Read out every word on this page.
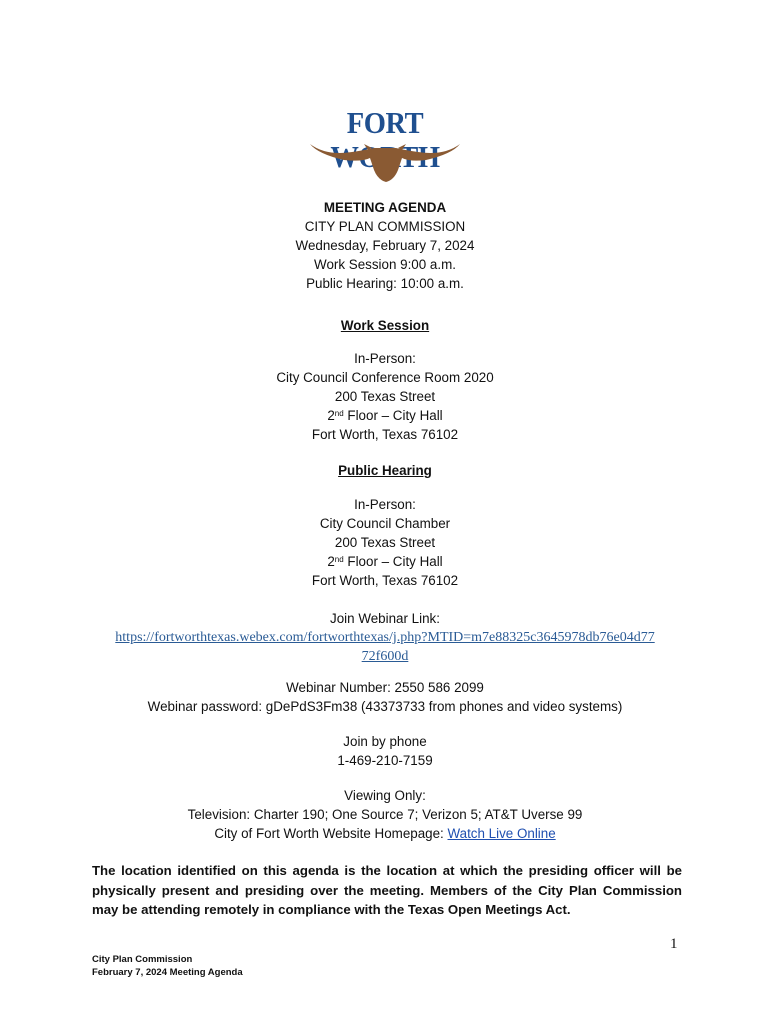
FORT
MEETING AGENDA
CITY PLAN COMMISSION
Wednesday, February 7, 2024
Work Session 9:00 a.m.
Public Hearing: 10:00 a.m.
Work Session
In-Person:
City Council Conference Room 2020
200 Texas Street
2nd Floor – City Hall
Fort Worth, Texas 76102
Public Hearing
In-Person:
City Council Chamber
200 Texas Street
2nd Floor – City Hall
Fort Worth, Texas 76102
Join Webinar Link:
https://fortworthtexas.webex.com/fortworthtexas/j.php?MTID=m7e88325c3645978db76e04d77
72f600d
Webinar Number: 2550 586 2099
Webinar password: gDePdS3Fm38 (43373733 from phones and video systems)
Join by phone
1-469-210-7159
Viewing Only:
Television: Charter 190; One Source 7; Verizon 5; AT&T Uverse 99
City of Fort Worth Website Homepage: Watch Live Online
The location identified on this agenda is the location at which the presiding officer will be physically present and presiding over the meeting. Members of the City Plan Commission may be attending remotely in compliance with the Texas Open Meetings Act.
1
City Plan Commission
February 7, 2024 Meeting Agenda
